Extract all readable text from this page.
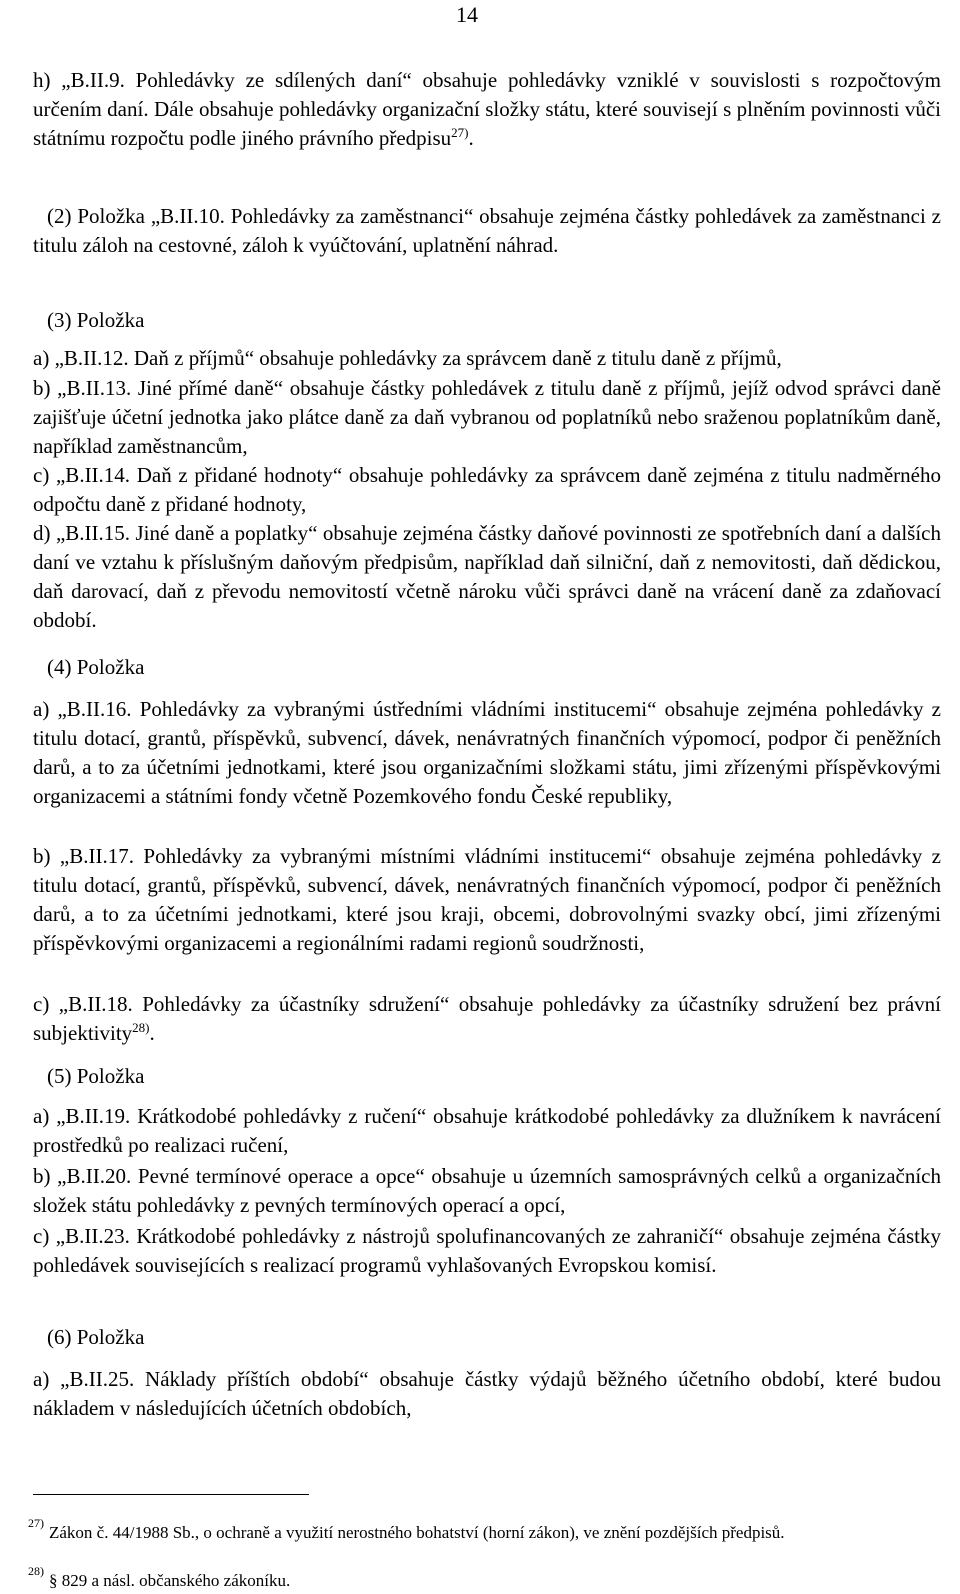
14

h) „B.II.9. Pohledávky ze sdílených daní“ obsahuje pohledávky vzniklé v souvislosti s rozpočtovým určením daní. Dále obsahuje pohledávky organizační složky státu, které souvisejí s plněním povinnosti vůči státnímu rozpočtu podle jiného právního předpisu$^{27)}$.

(2) Položka „B.II.10. Pohledávky za zaměstnanci“ obsahuje zejména částky pohledávek za zaměstnanci z titulu záloh na cestovné, záloh k vyúčtování, uplatnění náhrad.

(3) Položka

a) „B.II.12. Daň z příjmů“ obsahuje pohledávky za správcem daně z titulu daně z příjmů,

b) „B.II.13. Jiné přímé daně“ obsahuje částky pohledávek z titulu daně z příjmů, jejíž odvod správci daně zajišťuje účetní jednotka jako plátce daně za daň vybranou od poplatníků nebo sraženou poplatníkům daně, například zaměstnancům,

c) „B.II.14. Daň z přidané hodnoty“ obsahuje pohledávky za správcem daně zejména z titulu nadměrného odpočtu daně z přidané hodnoty,

d) „B.II.15. Jiné daně a poplatky“ obsahuje zejména částky daňové povinnosti ze spotřebních daní a dalších daní ve vztahu k příslušným daňovým předpisům, například daň silniční, daň z nemovitosti, daň dědickou, daň darovací, daň z převodu nemovitostí včetně nároku vůči správci daně na vrácení daně za zdaňovací období.

(4) Položka

a) „B.II.16. Pohledávky za vybranými ústředními vládními institucemi“ obsahuje zejména pohledávky z titulu dotací, grantů, příspěvků, subvencí, dávek, nenávratných finančních výpomocí, podpor či peněžních darů, a to za účetními jednotkami, které jsou organizačními složkami státu, jimi zřízenými příspěvkovými organizacemi a státními fondy včetně Pozemkového fondu České republiky,

b) „B.II.17. Pohledávky za vybranými místními vládními institucemi“ obsahuje zejména pohledávky z titulu dotací, grantů, příspěvků, subvencí, dávek, nenávratných finančních výpomocí, podpor či peněžních darů, a to za účetními jednotkami, které jsou kraji, obcemi, dobrovolnými svazky obcí, jimi zřízenými příspěvkovými organizacemi a regionálními radami regionů soudržnosti,

c) „B.II.18. Pohledávky za účastníky sdružení“ obsahuje pohledávky za účastníky sdružení bez právní subjektivity$^{28)}$.

(5) Položka

a) „B.II.19. Krátkodobé pohledávky z ručení“ obsahuje krátkodobé pohledávky za dlužníkem k navrácení prostředků po realizaci ručení,

b) „B.II.20. Pevné termínové operace a opce“ obsahuje u územních samosprávných celků a organizačních složek státu pohledávky z pevných termínových operací a opcí,

c) „B.II.23. Krátkodobé pohledávky z nástrojů spolufinancovaných ze zahraničí“ obsahuje zejména částky pohledávek souvisejících s realizací programů vyhlašovaných Evropskou komisí.

(6) Položka

a) „B.II.25. Náklady příštích období“ obsahuje částky výdajů běžného účetního období, které budou nákladem v následujících účetních obdobích,

27) Zákon č. 44/1988 Sb., o ochraně a využití nerostného bohatství (horní zákon), ve znění pozdějších předpisů.
28) § 829 a násl. občanského zákoníku.
